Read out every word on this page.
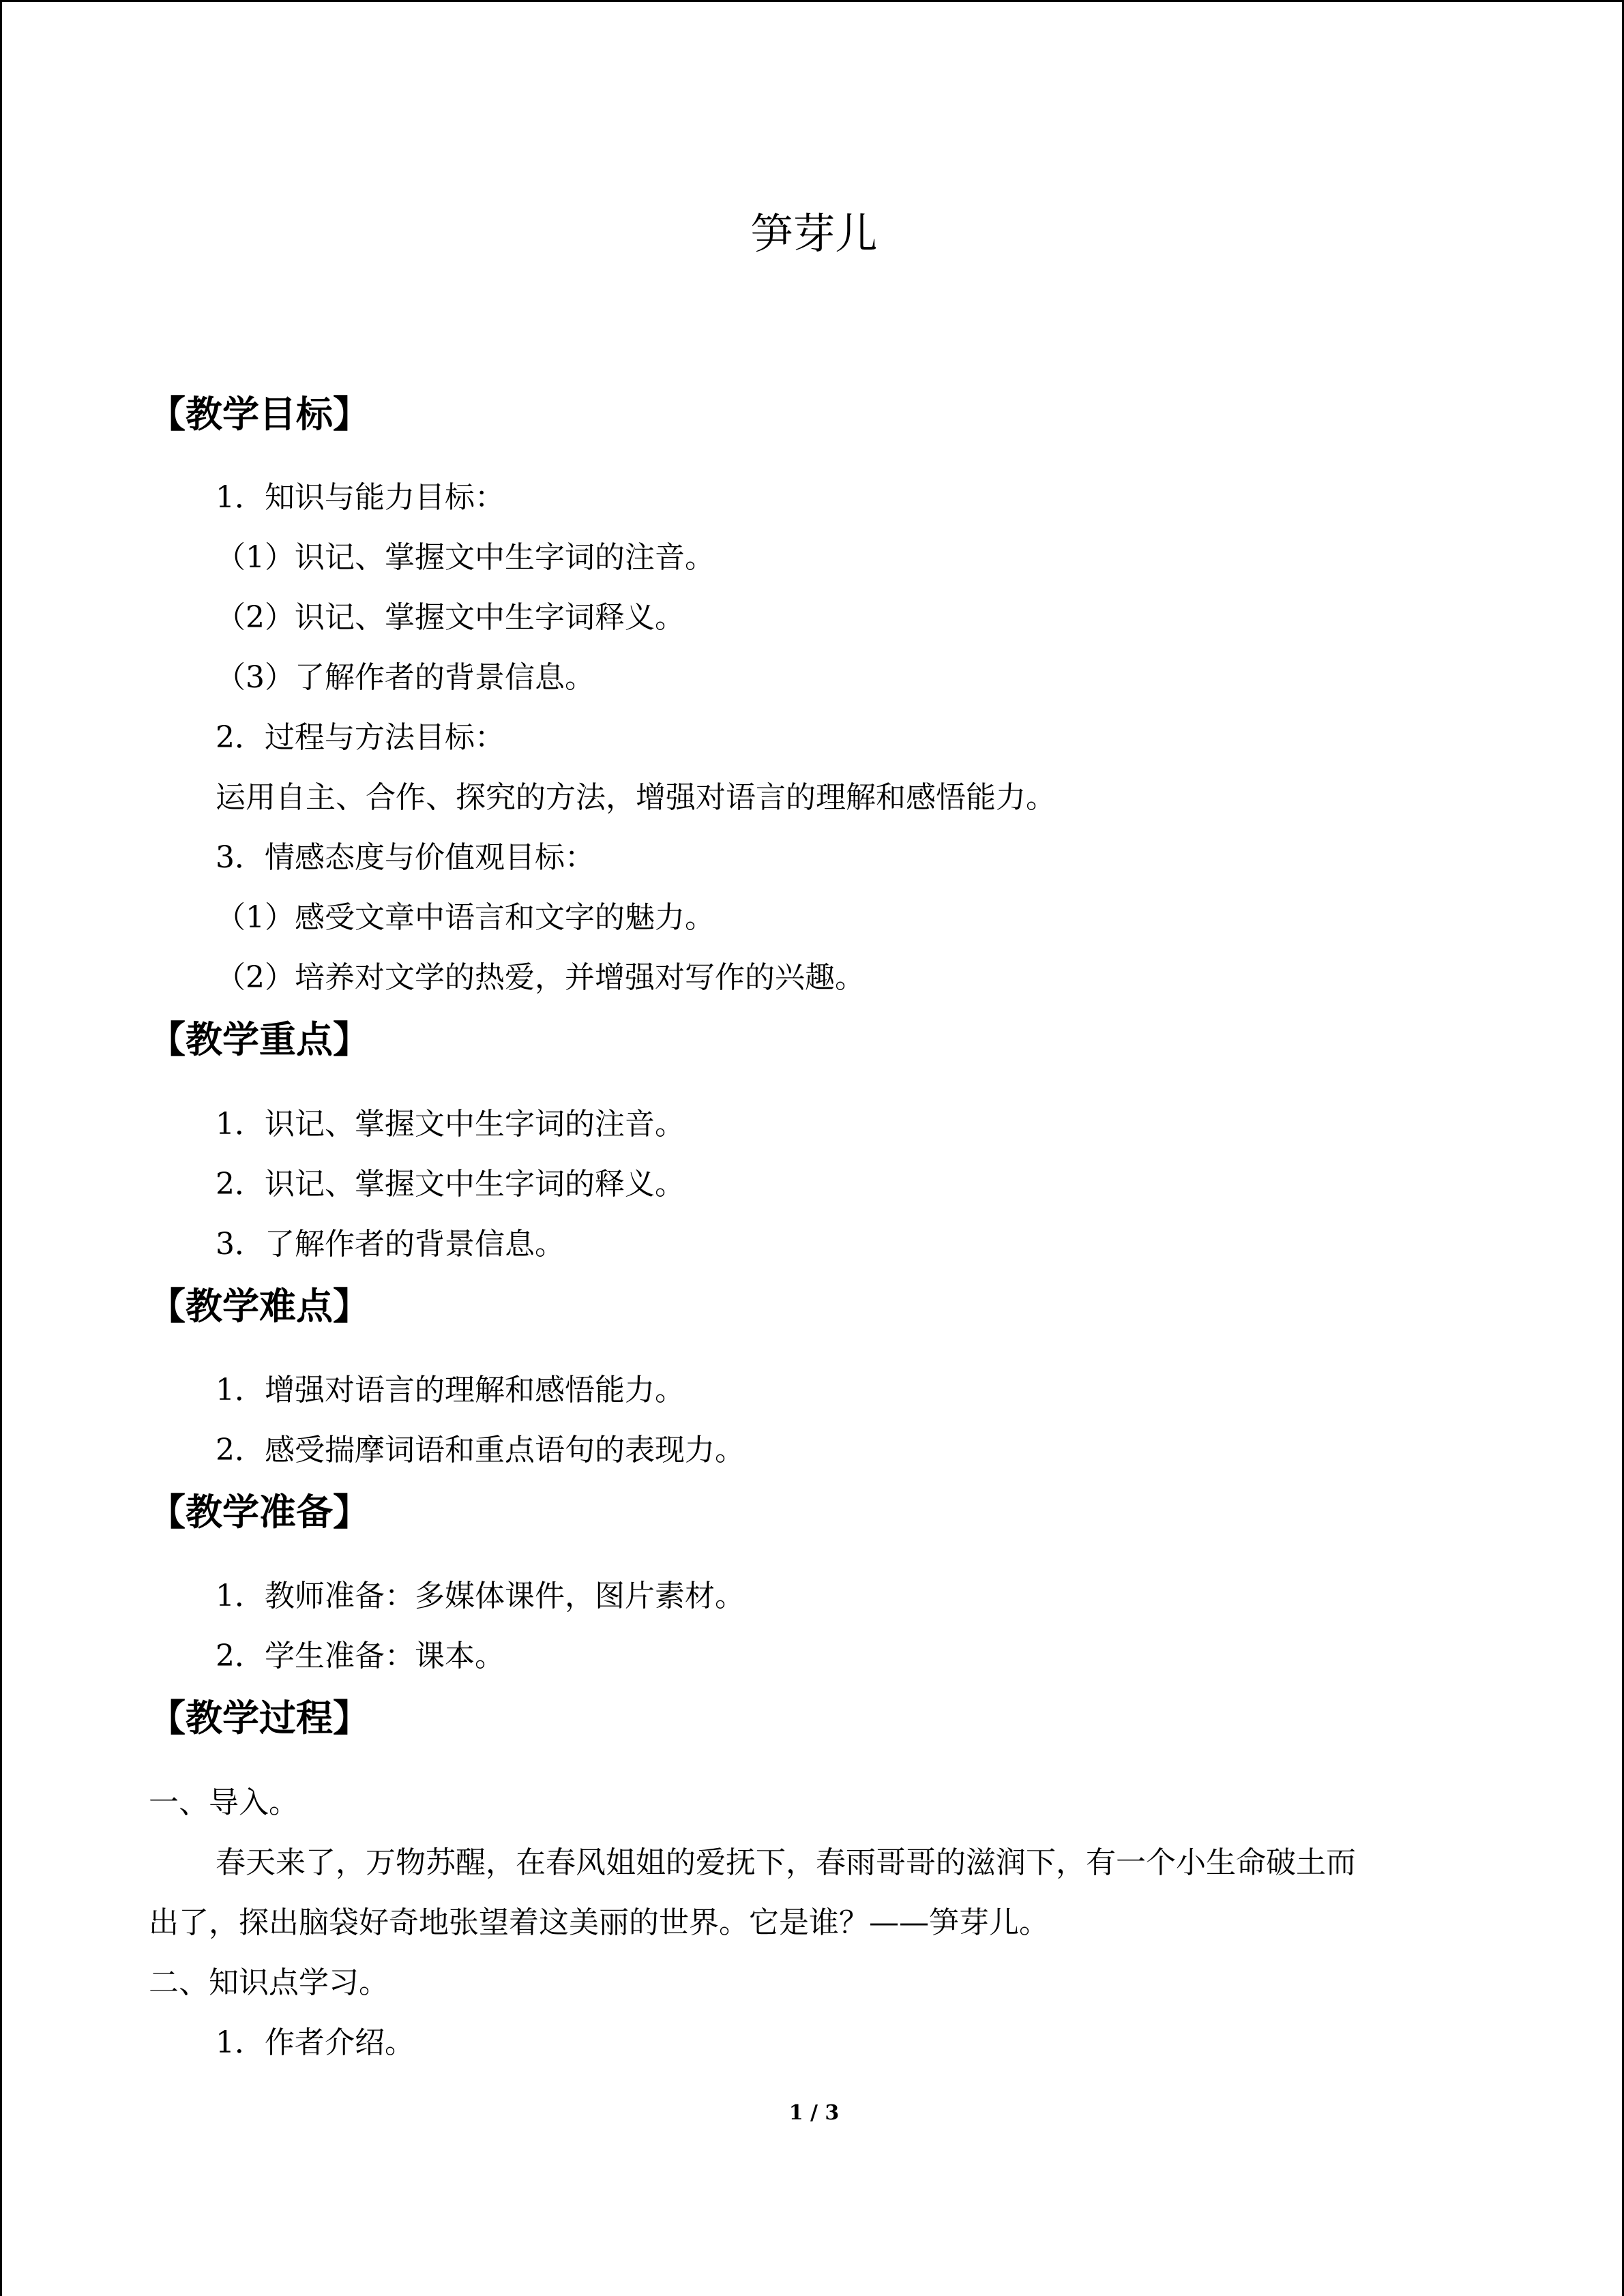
笋芽儿
【教学目标】
1．知识与能力目标：
（1）识记、掌握文中生字词的注音。
（2）识记、掌握文中生字词释义。
（3）了解作者的背景信息。
2．过程与方法目标：
运用自主、合作、探究的方法，增强对语言的理解和感悟能力。
3．情感态度与价值观目标：
（1）感受文章中语言和文字的魅力。
（2）培养对文学的热爱，并增强对写作的兴趣。
【教学重点】
1．识记、掌握文中生字词的注音。
2．识记、掌握文中生字词的释义。
3．了解作者的背景信息。
【教学难点】
1．增强对语言的理解和感悟能力。
2．感受揣摩词语和重点语句的表现力。
【教学准备】
1．教师准备：多媒体课件，图片素材。
2．学生准备：课本。
【教学过程】
一、导入。
春天来了，万物苏醒，在春风姐姐的爱抚下，春雨哥哥的滋润下，有一个小生命破土而
出了，探出脑袋好奇地张望着这美丽的世界。它是谁？——笋芽儿。
二、知识点学习。
1．作者介绍。
1 / 3
